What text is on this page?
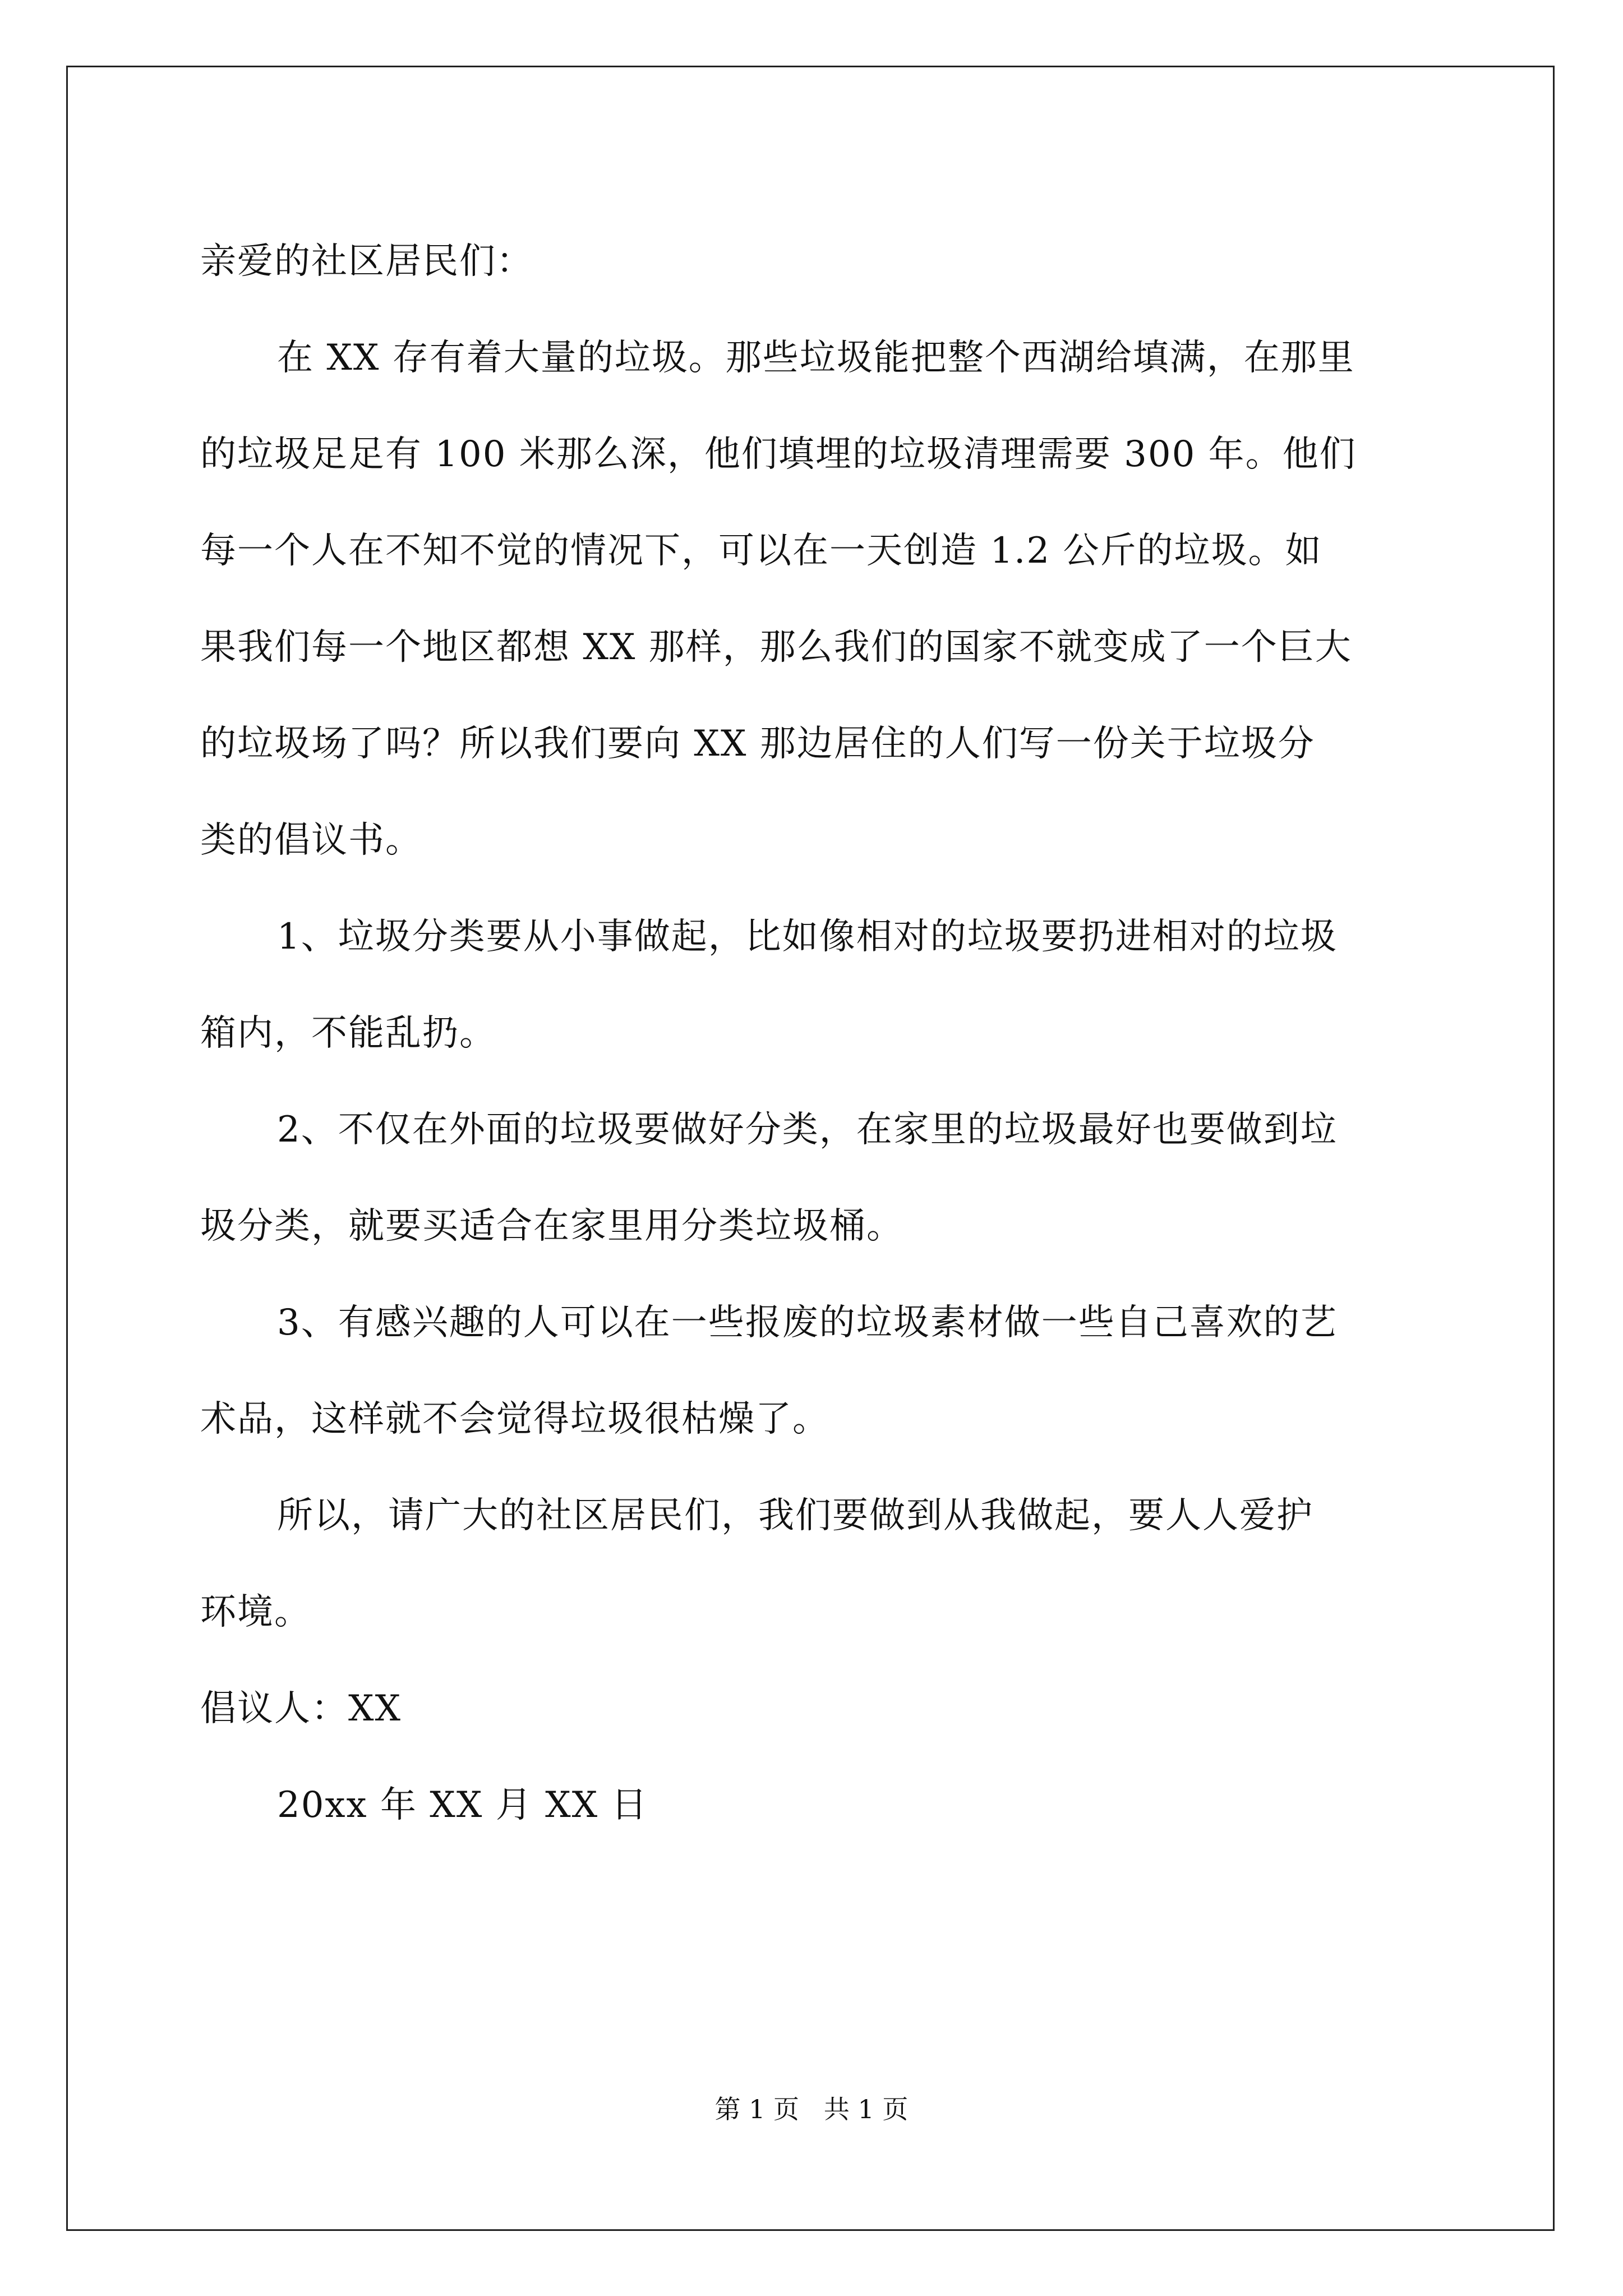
亲爱的社区居民们：
在 XX 存有着大量的垃圾。那些垃圾能把整个西湖给填满，在那里
的垃圾足足有 100 米那么深，他们填埋的垃圾清理需要 300 年。他们
每一个人在不知不觉的情况下，可以在一天创造 1.2 公斤的垃圾。如
果我们每一个地区都想 XX 那样，那么我们的国家不就变成了一个巨大
的垃圾场了吗？所以我们要向 XX 那边居住的人们写一份关于垃圾分
类的倡议书。
1、垃圾分类要从小事做起，比如像相对的垃圾要扔进相对的垃圾
箱内，不能乱扔。
2、不仅在外面的垃圾要做好分类，在家里的垃圾最好也要做到垃
圾分类，就要买适合在家里用分类垃圾桶。
3、有感兴趣的人可以在一些报废的垃圾素材做一些自己喜欢的艺
术品，这样就不会觉得垃圾很枯燥了。
所以，请广大的社区居民们，我们要做到从我做起，要人人爱护
环境。
倡议人：XX
20xx 年 XX 月 XX 日
第 1 页   共 1 页
